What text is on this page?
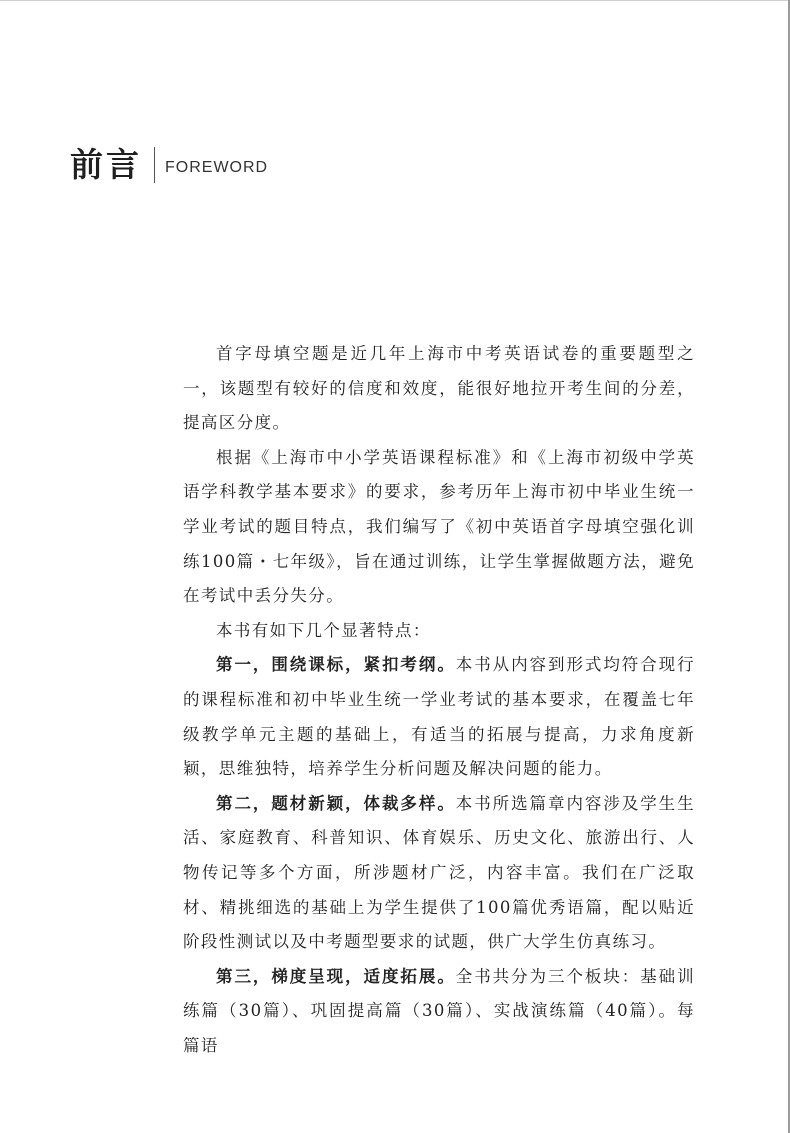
前言 FOREWORD

首字母填空题是近几年上海市中考英语试卷的重要题型之一，该题型有较好的信度和效度，能很好地拉开考生间的分差，提高区分度。

根据《上海市中小学英语课程标准》和《上海市初级中学英语学科教学基本要求》的要求，参考历年上海市初中毕业生统一学业考试的题目特点，我们编写了《初中英语首字母填空强化训练100篇・七年级》，旨在通过训练，让学生掌握做题方法，避免在考试中丢分失分。

本书有如下几个显著特点：

第一，围绕课标，紧扣考纲。本书从内容到形式均符合现行的课程标准和初中毕业生统一学业考试的基本要求，在覆盖七年级教学单元主题的基础上，有适当的拓展与提高，力求角度新颖，思维独特，培养学生分析问题及解决问题的能力。

第二，题材新颖，体裁多样。本书所选篇章内容涉及学生生活、家庭教育、科普知识、体育娱乐、历史文化、旅游出行、人物传记等多个方面，所涉题材广泛，内容丰富。我们在广泛取材、精挑细选的基础上为学生提供了100篇优秀语篇，配以贴近阶段性测试以及中考题型要求的试题，供广大学生仿真练习。

第三，梯度呈现，适度拓展。全书共分为三个板块：基础训练篇（30篇）、巩固提高篇（30篇）、实战演练篇（40篇）。每篇语
